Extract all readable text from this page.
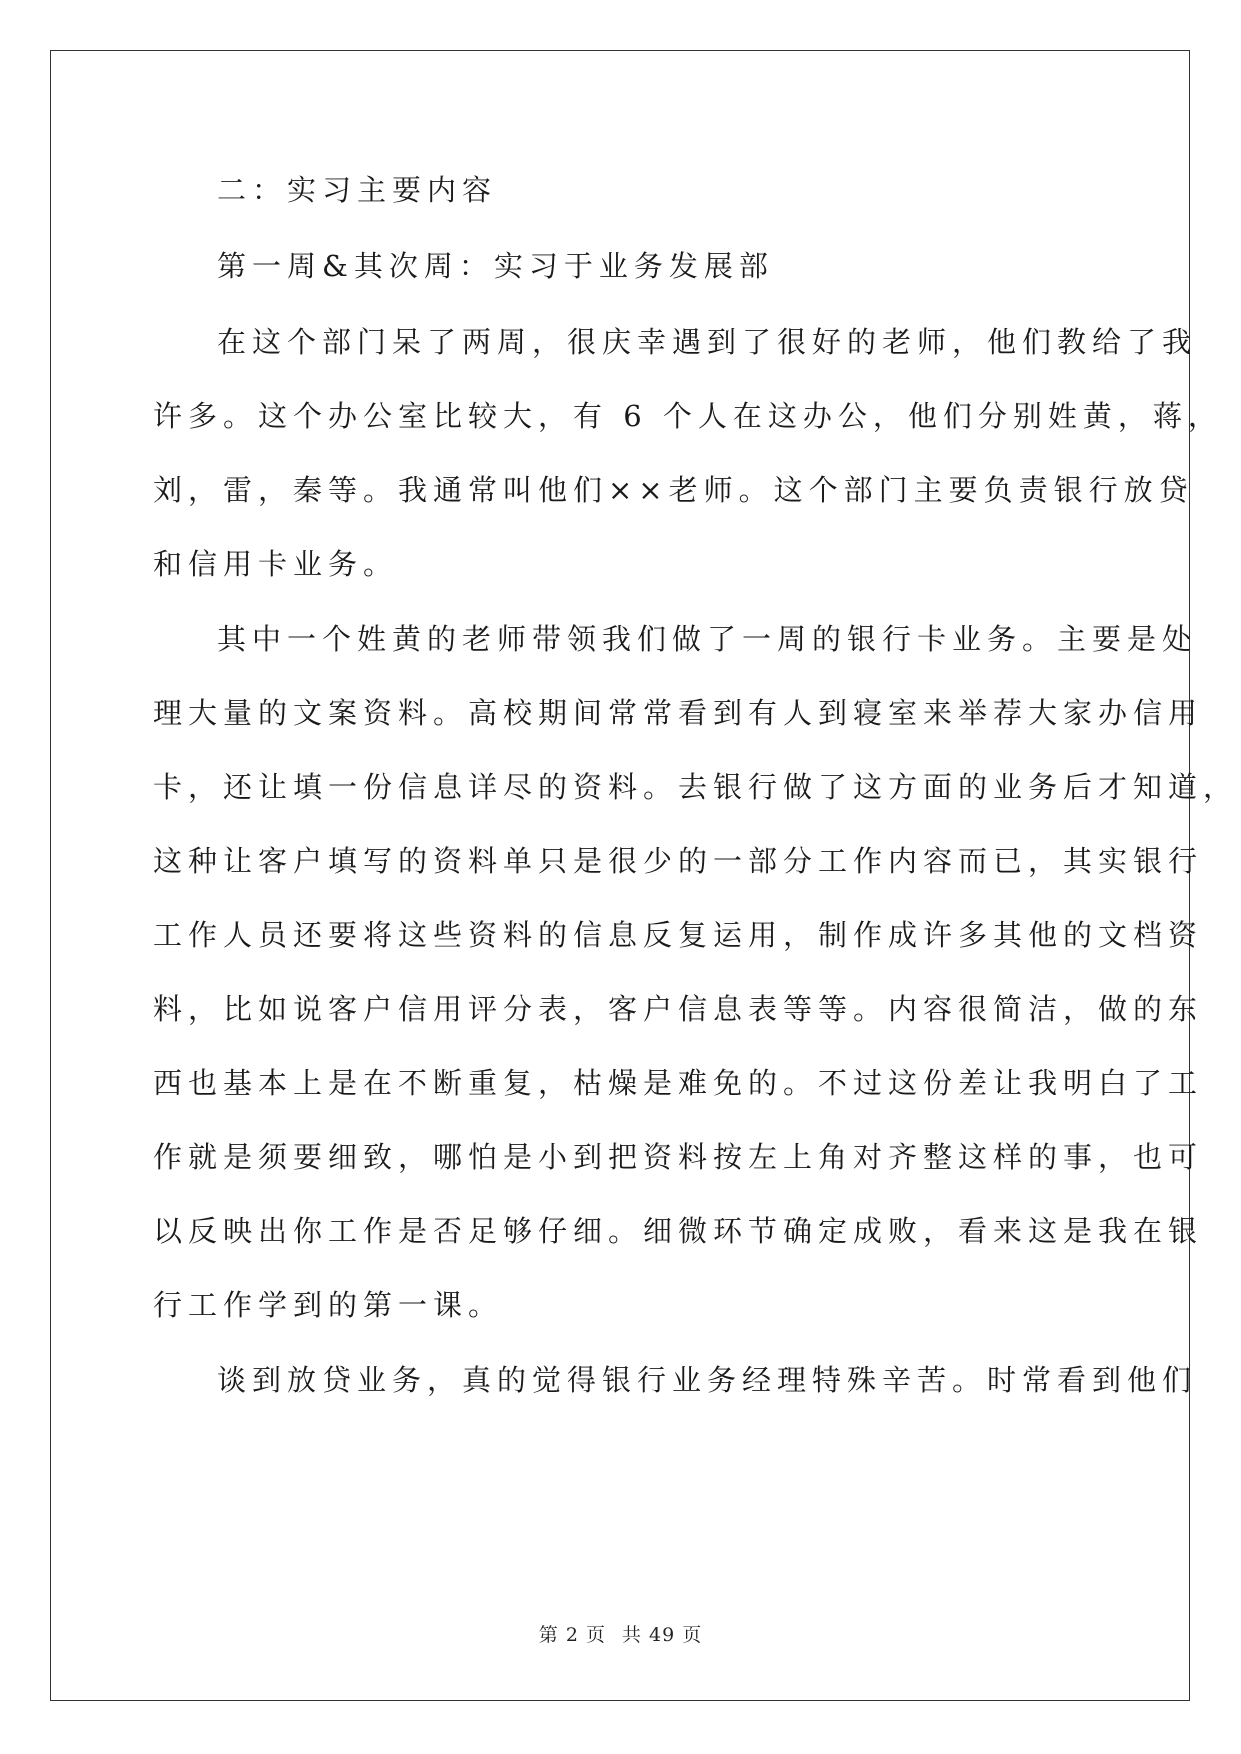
二：实习主要内容
第一周&其次周：实习于业务发展部
在这个部门呆了两周，很庆幸遇到了很好的老师，他们教给了我
许多。这个办公室比较大，有 6 个人在这办公，他们分别姓黄，蒋，
刘，雷，秦等。我通常叫他们××老师。这个部门主要负责银行放贷
和信用卡业务。
其中一个姓黄的老师带领我们做了一周的银行卡业务。主要是处
理大量的文案资料。高校期间常常看到有人到寝室来举荐大家办信用
卡，还让填一份信息详尽的资料。去银行做了这方面的业务后才知道，
这种让客户填写的资料单只是很少的一部分工作内容而已，其实银行
工作人员还要将这些资料的信息反复运用，制作成许多其他的文档资
料，比如说客户信用评分表，客户信息表等等。内容很简洁，做的东
西也基本上是在不断重复，枯燥是难免的。不过这份差让我明白了工
作就是须要细致，哪怕是小到把资料按左上角对齐整这样的事，也可
以反映出你工作是否足够仔细。细微环节确定成败，看来这是我在银
行工作学到的第一课。
谈到放贷业务，真的觉得银行业务经理特殊辛苦。时常看到他们
第 2 页 共 49 页
